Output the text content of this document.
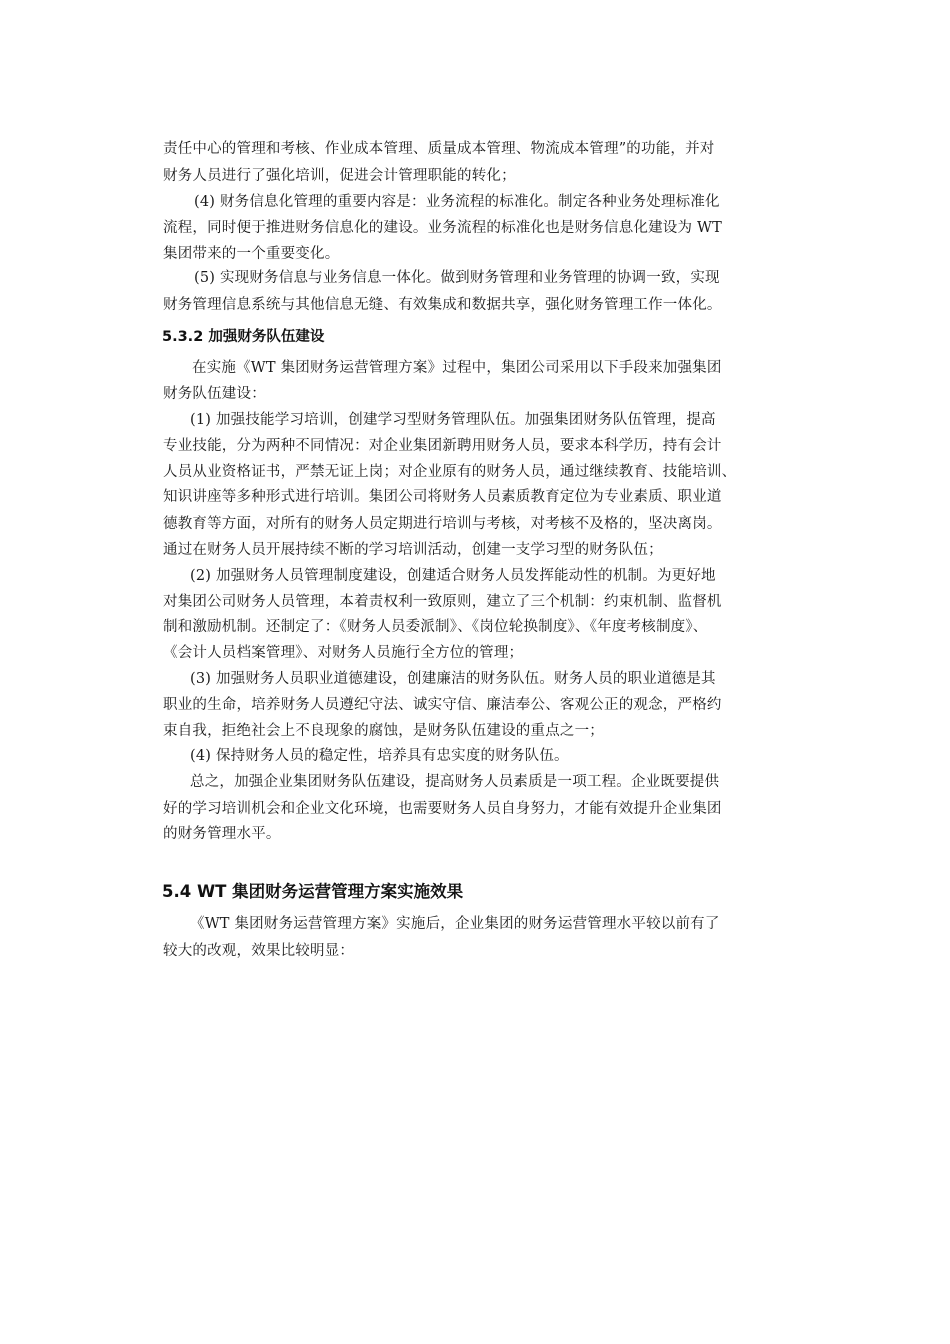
责任中心的管理和考核、作业成本管理、质量成本管理、物流成本管理”的功能，并对
财务人员进行了强化培训，促进会计管理职能的转化；
(4) 财务信息化管理的重要内容是：业务流程的标准化。制定各种业务处理标准化
流程，同时便于推进财务信息化的建设。业务流程的标准化也是财务信息化建设为 WT
集团带来的一个重要变化。
(5) 实现财务信息与业务信息一体化。做到财务管理和业务管理的协调一致，实现
财务管理信息系统与其他信息无缝、有效集成和数据共享，强化财务管理工作一体化。
5.3.2 加强财务队伍建设
在实施《WT 集团财务运营管理方案》过程中，集团公司采用以下手段来加强集团
财务队伍建设：
(1) 加强技能学习培训，创建学习型财务管理队伍。加强集团财务队伍管理，提高
专业技能，分为两种不同情况：对企业集团新聘用财务人员，要求本科学历，持有会计
人员从业资格证书，严禁无证上岗；对企业原有的财务人员，通过继续教育、技能培训、
知识讲座等多种形式进行培训。集团公司将财务人员素质教育定位为专业素质、职业道
德教育等方面，对所有的财务人员定期进行培训与考核，对考核不及格的，坚决离岗。
通过在财务人员开展持续不断的学习培训活动，创建一支学习型的财务队伍；
(2) 加强财务人员管理制度建设，创建适合财务人员发挥能动性的机制。为更好地
对集团公司财务人员管理，本着责权利一致原则，建立了三个机制：约束机制、监督机
制和激励机制。还制定了：《财务人员委派制》、《岗位轮换制度》、《年度考核制度》、
《会计人员档案管理》、对财务人员施行全方位的管理；
(3) 加强财务人员职业道德建设，创建廉洁的财务队伍。财务人员的职业道德是其
职业的生命，培养财务人员遵纪守法、诚实守信、廉洁奉公、客观公正的观念，严格约
束自我，拒绝社会上不良现象的腐蚀，是财务队伍建设的重点之一；
(4) 保持财务人员的稳定性，培养具有忠实度的财务队伍。
总之，加强企业集团财务队伍建设，提高财务人员素质是一项工程。企业既要提供
好的学习培训机会和企业文化环境，也需要财务人员自身努力，才能有效提升企业集团
的财务管理水平。
5.4 WT 集团财务运营管理方案实施效果
《WT 集团财务运营管理方案》实施后，企业集团的财务运营管理水平较以前有了
较大的改观，效果比较明显：
